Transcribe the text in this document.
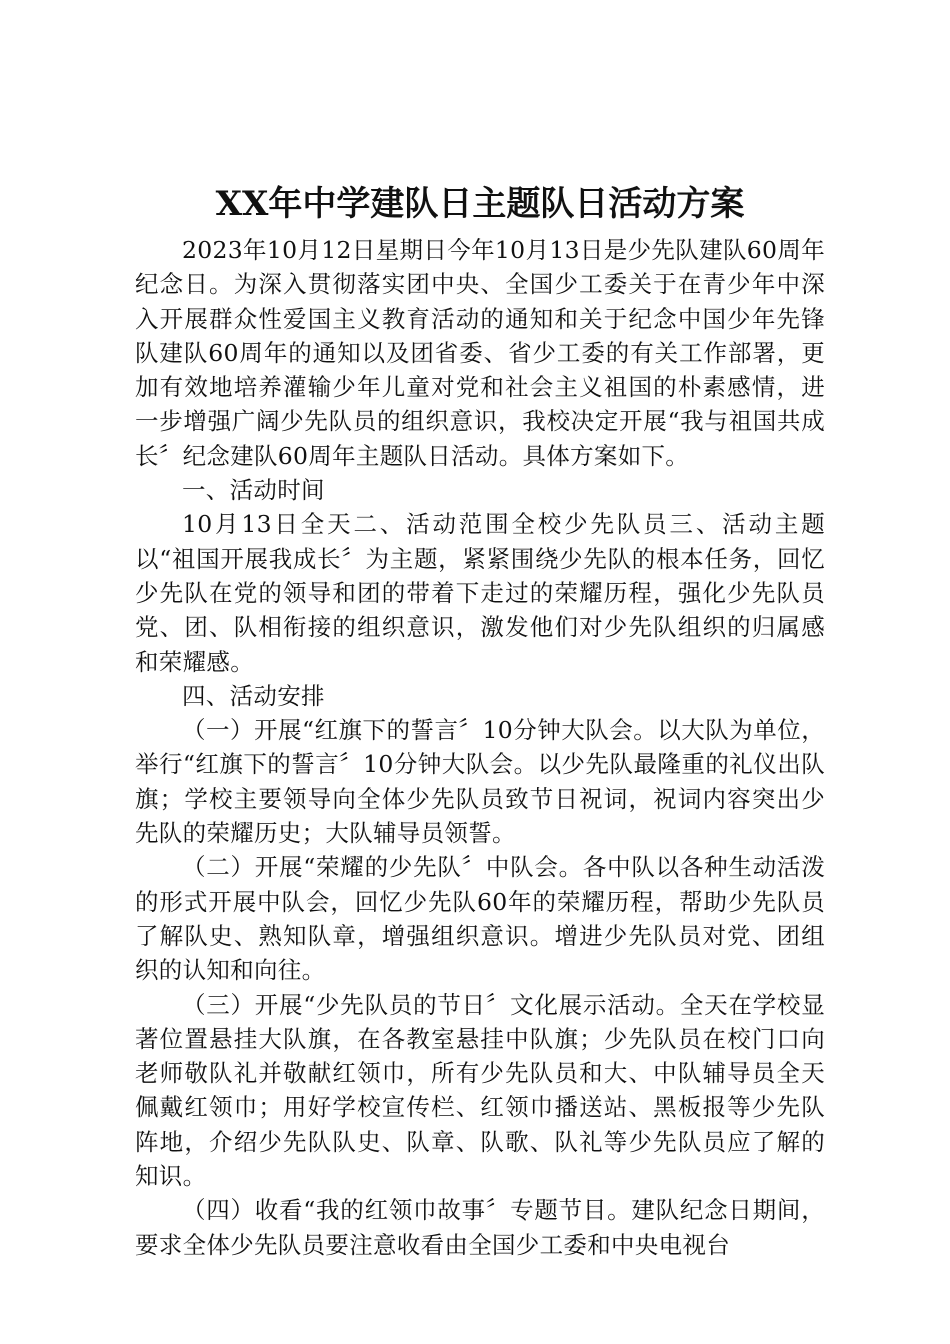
XX年中学建队日主题队日活动方案

2023年10月12日星期日今年10月13日是少先队建队60周年纪念日。为深入贯彻落实团中央、全国少工委关于在青少年中深入开展群众性爱国主义教育活动的通知和关于纪念中国少年先锋队建队60周年的通知以及团省委、省少工委的有关工作部署，更加有效地培养灌输少年儿童对党和社会主义祖国的朴素感情，进一步增强广阔少先队员的组织意识，我校决定开展“我与祖国共成长〞纪念建队60周年主题队日活动。具体方案如下。

一、活动时间

10月13日全天二、活动范围全校少先队员三、活动主题以“祖国开展我成长〞为主题，紧紧围绕少先队的根本任务，回忆少先队在党的领导和团的带着下走过的荣耀历程，强化少先队员党、团、队相衔接的组织意识，激发他们对少先队组织的归属感和荣耀感。

四、活动安排

（一）开展“红旗下的誓言〞10分钟大队会。以大队为单位，举行“红旗下的誓言〞10分钟大队会。以少先队最隆重的礼仪出队旗；学校主要领导向全体少先队员致节日祝词，祝词内容突出少先队的荣耀历史；大队辅导员领誓。

（二）开展“荣耀的少先队〞中队会。各中队以各种生动活泼的形式开展中队会，回忆少先队60年的荣耀历程，帮助少先队员了解队史、熟知队章，增强组织意识。增进少先队员对党、团组织的认知和向往。

（三）开展“少先队员的节日〞文化展示活动。全天在学校显著位置悬挂大队旗，在各教室悬挂中队旗；少先队员在校门口向老师敬队礼并敬献红领巾，所有少先队员和大、中队辅导员全天佩戴红领巾；用好学校宣传栏、红领巾播送站、黑板报等少先队阵地，介绍少先队队史、队章、队歌、队礼等少先队员应了解的知识。

（四）收看“我的红领巾故事〞专题节目。建队纪念日期间，要求全体少先队员要注意收看由全国少工委和中央电视台
